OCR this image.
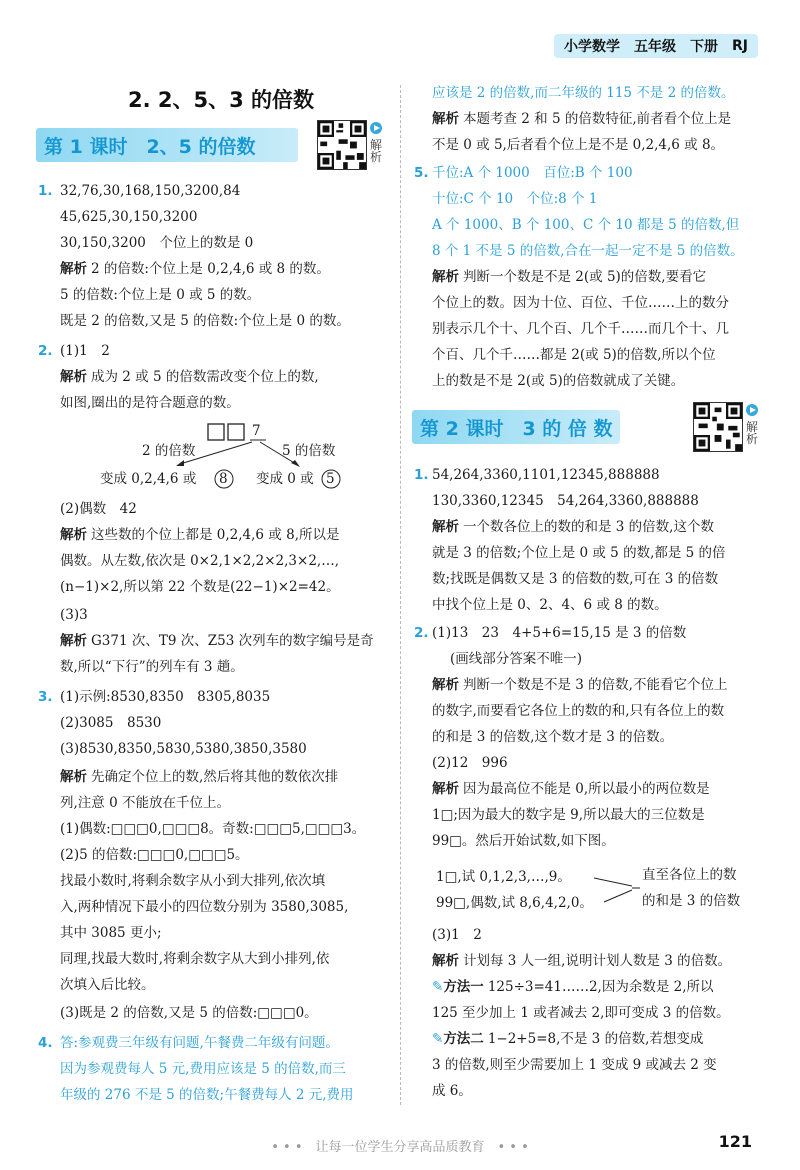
小学数学 五年级 下册 RJ
2. 2、5、3 的倍数
第 1 课时　2、5 的倍数	解
析
第 2 课时　3 的 倍 数	解
析
1. 32,76,30,168,150,3200,84
45,625,30,150,3200
30,150,3200　个位上的数是 0
解析 2 的倍数:个位上是 0,2,4,6 或 8 的数。
5 的倍数:个位上是 0 或 5 的数。
既是 2 的倍数,又是 5 的倍数:个位上是 0 的数。
2. (1)1　2
解析 成为 2 或 5 的倍数需改变个位上的数,
如图,圈出的是符合题意的数。
7
2 的倍数	5 的倍数
变成 0,2,4,6 或 8 变成 0 或 5
(2)偶数　42
解析 这些数的个位上都是 0,2,4,6 或 8,所以是
偶数。从左数,依次是 0×2,1×2,2×2,3×2,…,
(n−1)×2,所以第 22 个数是(22−1)×2=42。
(3)3
解析 G371 次、T9 次、Z53 次列车的数字编号是奇
数,所以“下行”的列车有 3 趟。
3. (1)示例:8530,8350　8305,8035
(2)3085　8530
(3)8530,8350,5830,5380,3850,3580
解析 先确定个位上的数,然后将其他的数依次排
列,注意 0 不能放在千位上。
(1)偶数:□□□0,□□□8。奇数:□□□5,□□□3。
(2)5 的倍数:□□□0,□□□5。
找最小数时,将剩余数字从小到大排列,依次填
入,两种情况下最小的四位数分别为 3580,3085,
其中 3085 更小;
同理,找最大数时,将剩余数字从大到小排列,依
次填入后比较。
(3)既是 2 的倍数,又是 5 的倍数:□□□0。
4. 答:参观费三年级有问题,午餐费二年级有问题。
因为参观费每人 5 元,费用应该是 5 的倍数,而三
年级的 276 不是 5 的倍数;午餐费每人 2 元,费用
应该是 2 的倍数,而二年级的 115 不是 2 的倍数。
解析 本题考查 2 和 5 的倍数特征,前者看个位上是
不是 0 或 5,后者看个位上是不是 0,2,4,6 或 8。
5. 千位:A 个 1000　百位:B 个 100
十位:C 个 10　个位:8 个 1
A 个 1000、B 个 100、C 个 10 都是 5 的倍数,但
8 个 1 不是 5 的倍数,合在一起一定不是 5 的倍数。
解析 判断一个数是不是 2(或 5)的倍数,要看它
个位上的数。因为十位、百位、千位……上的数分
别表示几个十、几个百、几个千……而几个十、几
个百、几个千……都是 2(或 5)的倍数,所以个位
上的数是不是 2(或 5)的倍数就成了关键。
1. 54,264,3360,1101,12345,888888
130,3360,12345　54,264,3360,888888
解析 一个数各位上的数的和是 3 的倍数,这个数
就是 3 的倍数;个位上是 0 或 5 的数,都是 5 的倍
数;找既是偶数又是 3 的倍数的数,可在 3 的倍数
中找个位上是 0、2、4、6 或 8 的数。
2. (1)13　23　4+5+6=15,15 是 3 的倍数
(画线部分答案不唯一)
解析 判断一个数是不是 3 的倍数,不能看它个位上
的数字,而要看它各位上的数的和,只有各位上的数
的和是 3 的倍数,这个数才是 3 的倍数。
(2)12　996
解析 因为最高位不能是 0,所以最小的两位数是
1□;因为最大的数字是 9,所以最大的三位数是
99□。然后开始试数,如下图。
1□,试 0,1,2,3,…,9。
99□,偶数,试 8,6,4,2,0。
直至各位上的数
的和是 3 的倍数
(3)1　2
解析 计划每 3 人一组,说明计划人数是 3 的倍数。
✎方法一 125÷3=41……2,因为余数是 2,所以
125 至少加上 1 或者减去 2,即可变成 3 的倍数。
✎方法二 1−2+5=8,不是 3 的倍数,若想变成
3 的倍数,则至少需要加上 1 变成 9 或减去 2 变
成 6。
• • •　让每一位学生分享高品质教育　• • •	121
